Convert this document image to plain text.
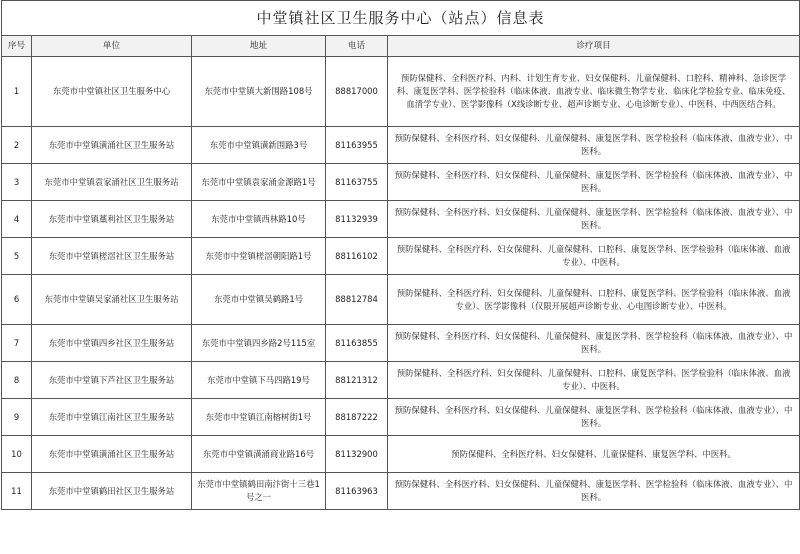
中堂镇社区卫生服务中心（站点）信息表				
序号	单位	地址	电话	诊疗项目
1	东莞市中堂镇社区卫生服务中心	东莞市中堂镇大新围路108号	88817000	预防保健科、全科医疗科、内科、计划生育专业、妇女保健科、儿童保健科、口腔科、精神科、急诊医学科、康复医学科、医学检验科（临床体液、血液专业、临床微生物学专业、临床化学检验专业、临床免疫、血清学专业）、医学影像科（X线诊断专业、超声诊断专业、心电诊断专业）、中医科、中西医结合科。
2	东莞市中堂镇潢涌社区卫生服务站	东莞市中堂镇潢新围路3号	81163955	预防保健科、全科医疗科、妇女保健科、儿童保健科、康复医学科、医学检验科（临床体液、血液专业）、中医科。
3	东莞市中堂镇袁家涌社区卫生服务站	东莞市中堂镇袁家涌金源路1号	81163755	预防保健科、全科医疗科、妇女保健科、儿童保健科、康复医学科、医学检验科（临床体液、血液专业）、中医科。
4	东莞市中堂镇藁利社区卫生服务站	东莞市中堂镇西林路10号	81132939	预防保健科、全科医疗科、妇女保健科、儿童保健科、康复医学科、医学检验科（临床体液、血液专业）、中医科。
5	东莞市中堂镇槎滘社区卫生服务站	东莞市中堂镇槎滘朝阳路1号	88116102	预防保健科、全科医疗科、妇女保健科、儿童保健科、口腔科、康复医学科、医学检验科（临床体液、血液专业）、中医科。
6	东莞市中堂镇吴家涌社区卫生服务站	东莞市中堂镇吴鹤路1号	88812784	预防保健科、全科医疗科、妇女保健科、儿童保健科、口腔科、康复医学科、医学检验科（临床体液、血液专业）、医学影像科（仅限开展超声诊断专业、心电图诊断专业）、中医科。
7	东莞市中堂镇四乡社区卫生服务站	东莞市中堂镇四乡路2号115室	81163855	预防保健科、全科医疗科、妇女保健科、儿童保健科、康复医学科、医学检验科（临床体液、血液专业）、中医科。
8	东莞市中堂镇下芦社区卫生服务站	东莞市中堂镇下马四路19号	88121312	预防保健科、全科医疗科、妇女保健科、儿童保健科、口腔科、康复医学科、医学检验科（临床体液、血液专业）、中医科。
9	东莞市中堂镇江南社区卫生服务站	东莞市中堂镇江南榕树街1号	88187222	预防保健科、全科医疗科、妇女保健科、儿童保健科、康复医学科、医学检验科（临床体液、血液专业）、中医科。
10	东莞市中堂镇潢涌社区卫生服务站	东莞市中堂镇潢涌商业路16号	81132900	预防保健科、全科医疗科、妇女保健科、儿童保健科、康复医学科、中医科。
11	东莞市中堂镇鹤田社区卫生服务站	东莞市中堂镇鹤田南汴街十三巷1号之一	81163963	预防保健科、全科医疗科、妇女保健科、儿童保健科、康复医学科、医学检验科（临床体液、血液专业）、中医科。
